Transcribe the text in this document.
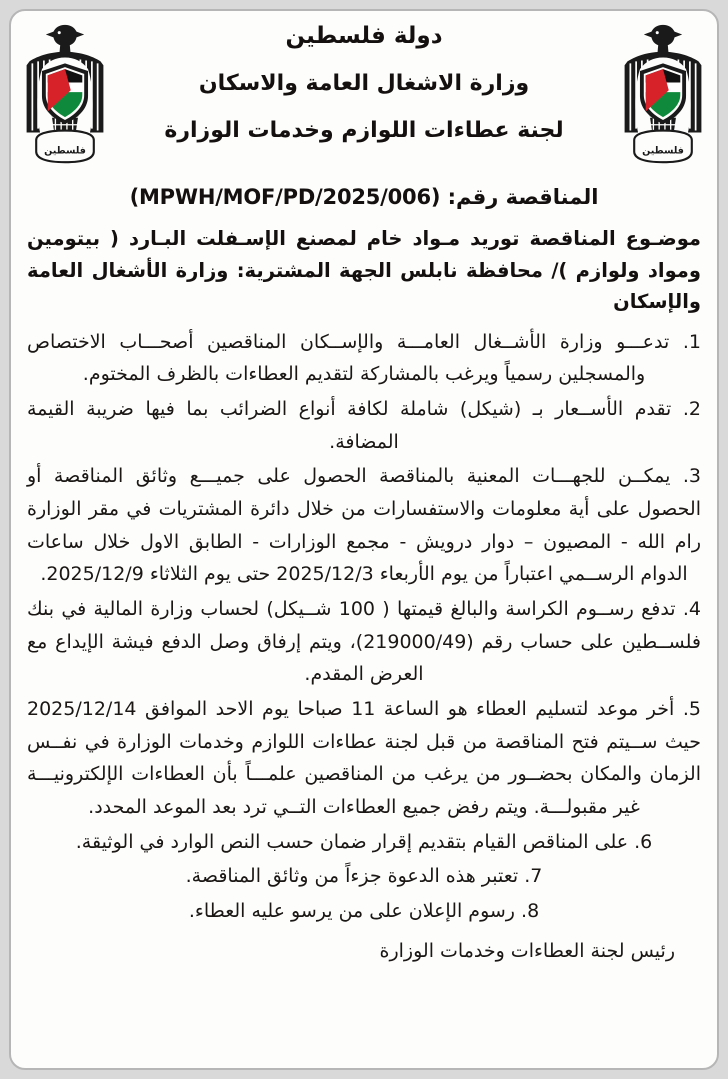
فلسطين	فلسطين
دولة فلسطين
وزارة الاشغال العامة والاسكان
لجنة عطاءات اللوازم وخدمات الوزارة
المناقصة رقم: (MPWH/MOF/PD/2025/006)
موضـوع المناقصة توريد مـواد خام لمصنع الإسـفلت البـارد ( بيتومين ومواد ولوازم )/ محافظة نابلس الجهة المشترية: وزارة الأشغال العامة والإسكان
1. تدعـــو وزارة الأشــغال العامـــة والإســكان المناقصين أصحـــاب الاختصاص والمسجلين رسمياً ويرغب بالمشاركة لتقديم العطاءات بالظرف المختوم.
2. تقدم الأســعار بـ (شيكل) شاملة لكافة أنواع الضرائب بما فيها ضريبة القيمة المضافة.
3. يمكــن للجهـــات المعنية بالمناقصة الحصول على جميـــع وثائق المناقصة أو الحصول على أية معلومات والاستفسارات من خلال دائرة المشتريات في مقر الوزارة رام الله - المصيون – دوار درويش - مجمع الوزارات - الطابق الاول خلال ساعات الدوام الرســمي اعتباراً من يوم الأربعاء 2025/12/3 حتى يوم الثلاثاء 2025/12/9.
4. تدفع رســوم الكراسة والبالغ قيمتها ( 100 شــيكل) لحساب وزارة المالية في بنك فلســطين على حساب رقم (219000/49)، ويتم إرفاق وصل الدفع فيشة الإيداع مع العرض المقدم.
5. أخر موعد لتسليم العطاء هو الساعة 11 صباحا يوم الاحد الموافق 2025/12/14 حيث ســيتم فتح المناقصة من قبل لجنة عطاءات اللوازم وخدمات الوزارة في نفــس الزمان والمكان بحضــور من يرغب من المناقصين علمـــاً بأن العطاءات الإلكترونيـــة غير مقبولـــة. ويتم رفض جميع العطاءات التــي ترد بعد الموعد المحدد.
6. على المناقص القيام بتقديم إقرار ضمان حسب النص الوارد في الوثيقة.
7. تعتبر هذه الدعوة جزءاً من وثائق المناقصة.
8. رسوم الإعلان على من يرسو عليه العطاء.
رئيس لجنة العطاءات وخدمات الوزارة
